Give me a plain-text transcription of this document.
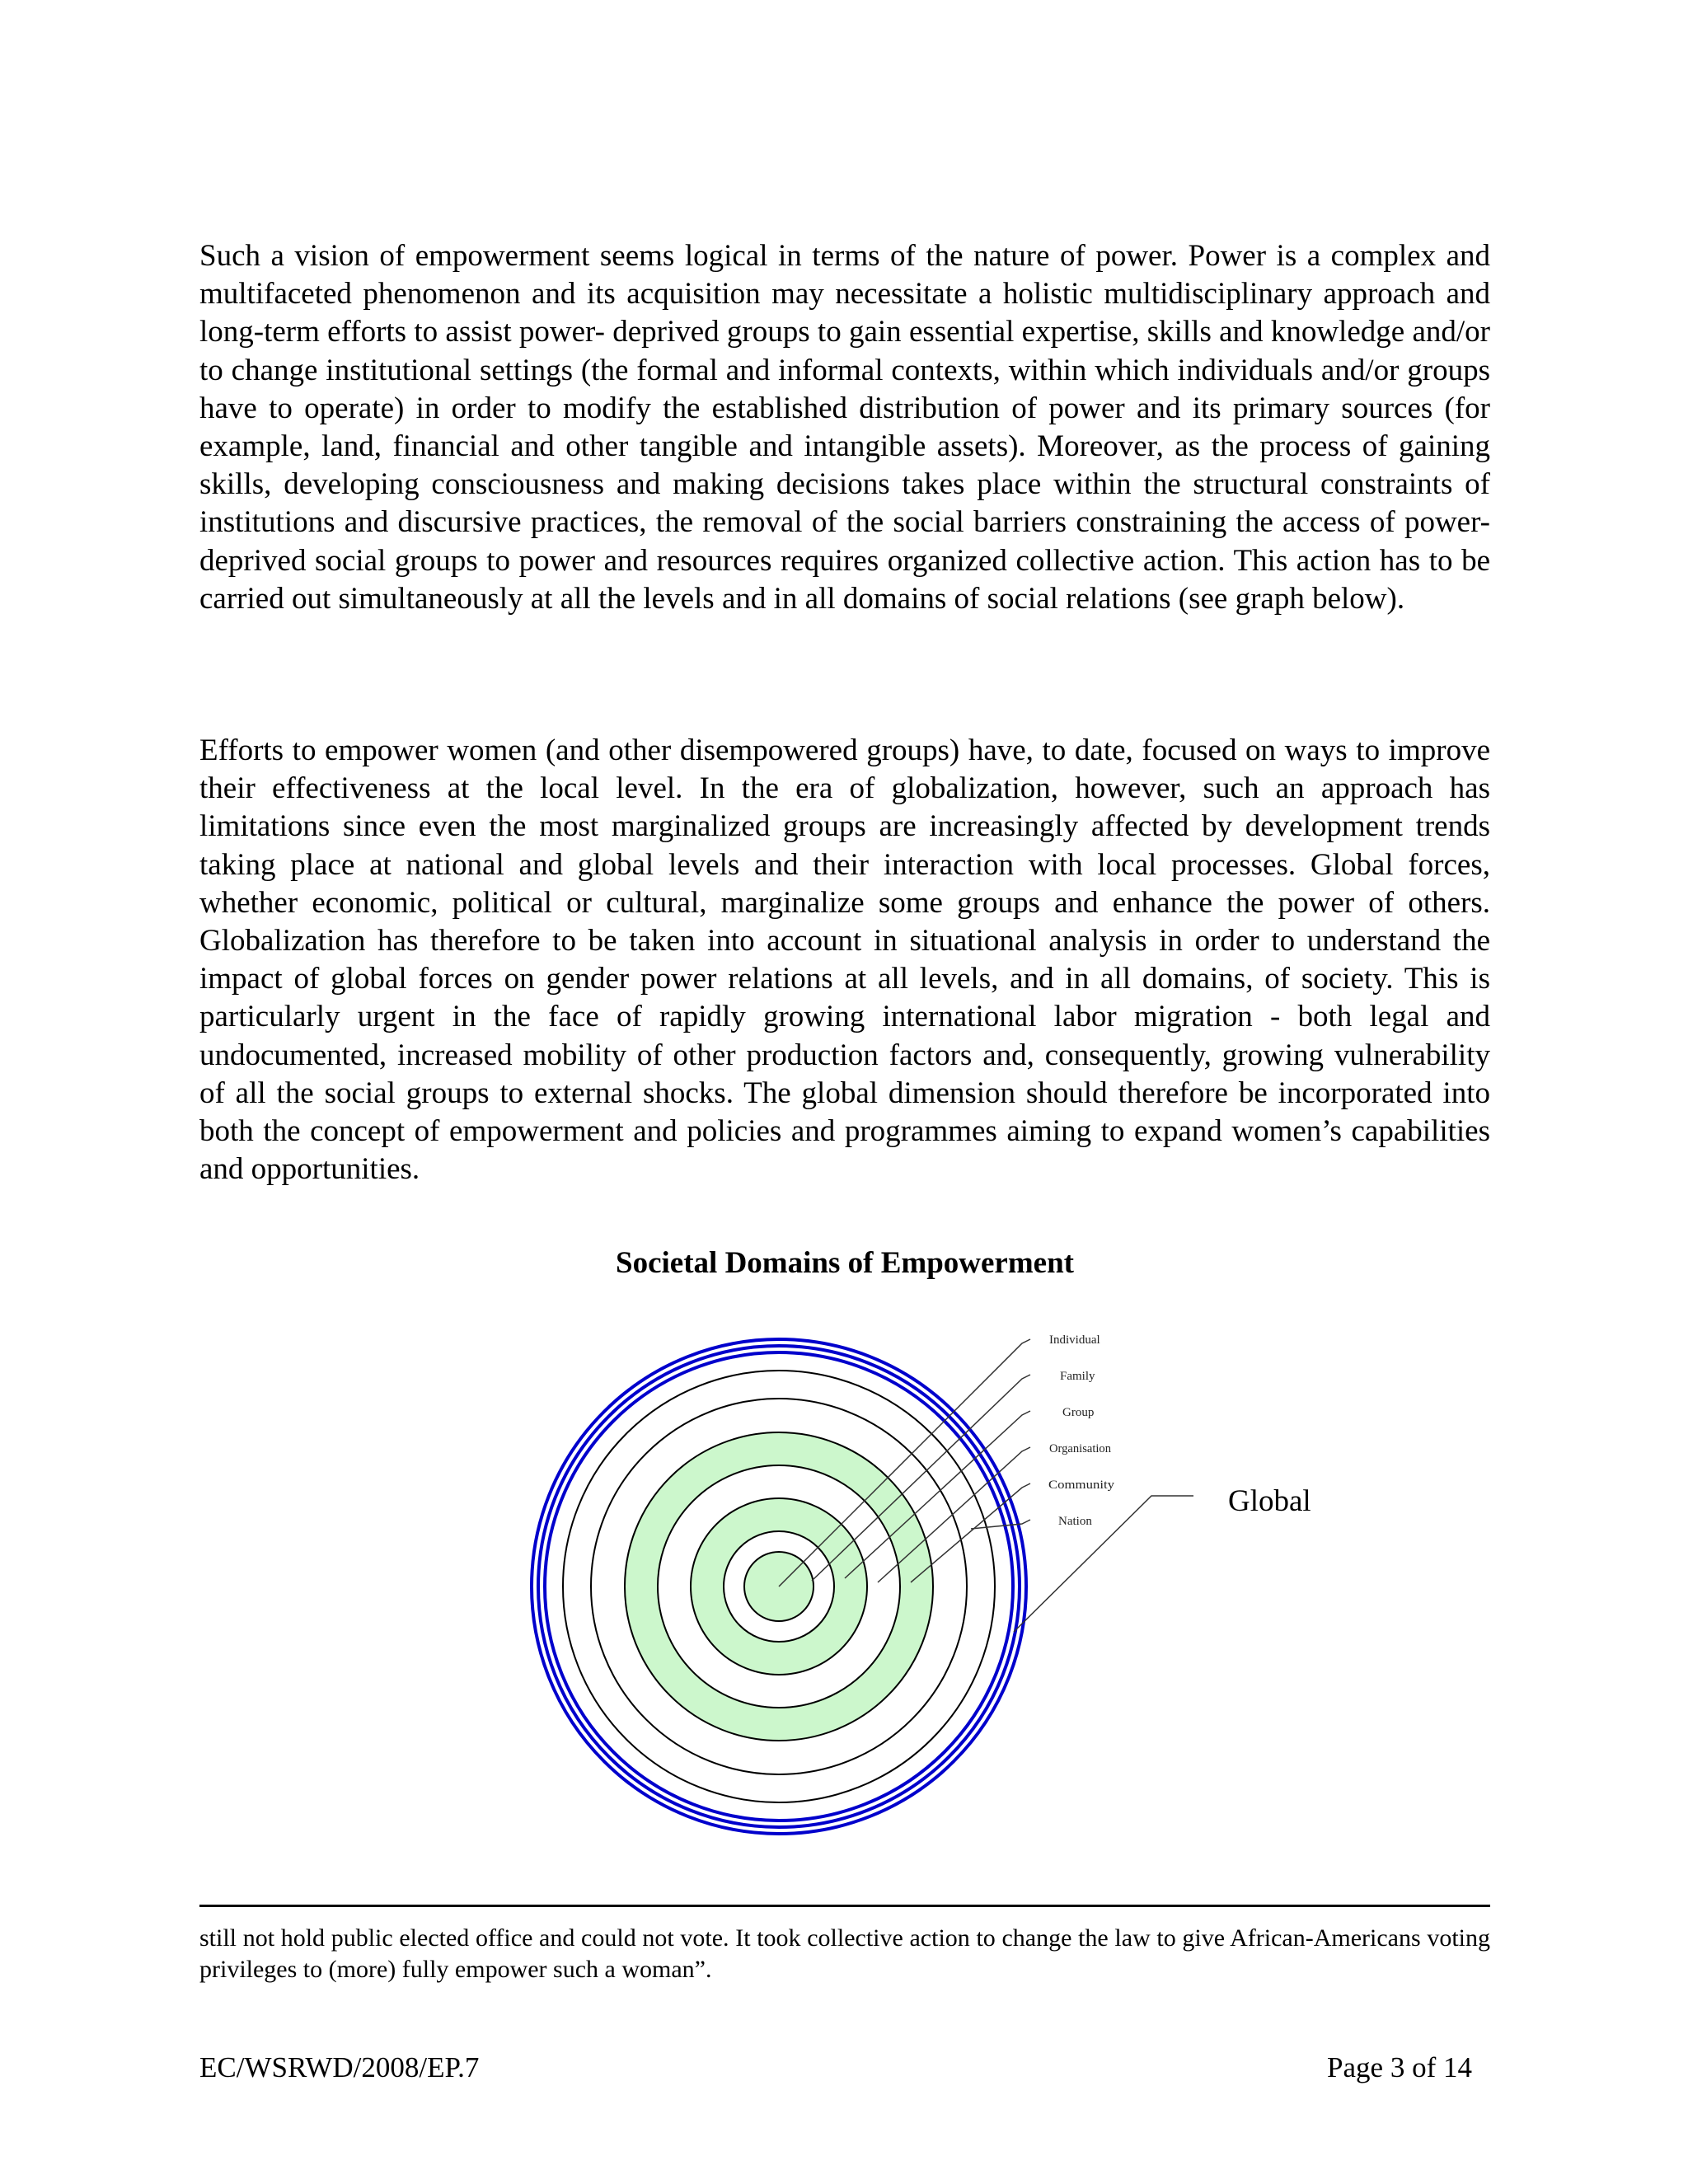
Such a vision of empowerment seems logical in terms of the nature of power. Power is a complex and multifaceted phenomenon and its acquisition may necessitate a holistic multidisciplinary approach and long-term efforts to assist power- deprived groups to gain essential expertise, skills and knowledge and/or to change institutional settings (the formal and informal contexts, within which individuals and/or groups have to operate) in order to modify the established distribution of power and its primary sources (for example, land, financial and other tangible and intangible assets). Moreover, as the process of gaining skills, developing consciousness and making decisions takes place within the structural constraints of institutions and discursive practices, the removal of the social barriers constraining the access of power-deprived social groups to power and resources requires organized collective action. This action has to be carried out simultaneously at all the levels and in all domains of social relations (see graph below).

Efforts to empower women (and other disempowered groups) have, to date, focused on ways to improve their effectiveness at the local level. In the era of globalization, however, such an approach has limitations since even the most marginalized groups are increasingly affected by development trends taking place at national and global levels and their interaction with local processes. Global forces, whether economic, political or cultural, marginalize some groups and enhance the power of others. Globalization has therefore to be taken into account in situational analysis in order to understand the impact of global forces on gender power relations at all levels, and in all domains, of society. This is particularly urgent in the face of rapidly growing international labor migration - both legal and undocumented, increased mobility of other production factors and, consequently, growing vulnerability of all the social groups to external shocks. The global dimension should therefore be incorporated into both the concept of empowerment and policies and programmes aiming to expand women’s capabilities and opportunities.

Societal Domains of Empowerment

Individual
Family
Group
Organisation
Community
Nation
Global

still not hold public elected office and could not vote. It took collective action to change the law to give African-Americans voting privileges to (more) fully empower such a woman”.

EC/WSRWD/2008/EP.7	Page 3 of 14
